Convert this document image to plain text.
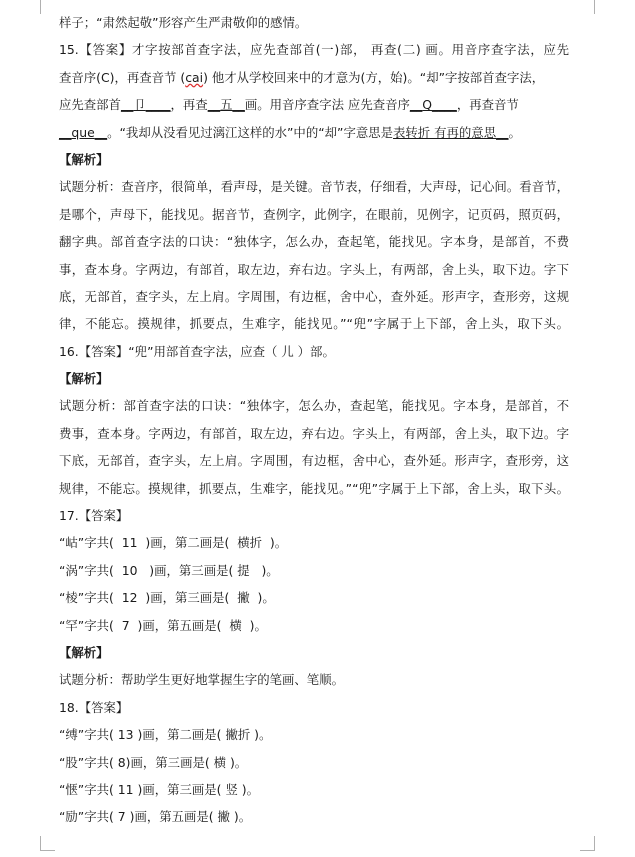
样子；“肃然起敬”形容产生严肃敬仰的感情。
15.【答案】才字按部首查字法，应先查部首(一)部， 再查(二) 画。用音序查字法，应先
查音序(C)，再查音节 (cai) 他才从学校回来中的才意为(方，始)。“却”字按部首查字法，
应先查部首__卩____，再查__五__画。用音序查字法 应先查音序__Q____，再查音节
__que__。“我却从没看见过漓江这样的水”中的“却”字意思是表转折 有再的意思__。
【解析】
试题分析：查音序，很简单，看声母，是关键。音节表，仔细看，大声母，记心间。看音节，
是哪个，声母下，能找见。据音节，查例字，此例字，在眼前，见例字，记页码，照页码，
翻字典。部首查字法的口诀：“独体字，怎么办，查起笔，能找见。字本身，是部首，不费
事，查本身。字两边，有部首，取左边，弃右边。字头上，有两部，舍上头，取下边。字下
底，无部首，查字头，左上肩。字周围，有边框，舍中心，查外延。形声字，查形旁，这规
律，不能忘。摸规律，抓要点，生难字，能找见。”“兜”字属于上下部，舍上头，取下头。
16.【答案】“兜”用部首查字法，应查（ 儿 ）部。
【解析】
试题分析：部首查字法的口诀：“独体字，怎么办，查起笔，能找见。字本身，是部首，不
费事，查本身。字两边，有部首，取左边，弃右边。字头上，有两部，舍上头，取下边。字
下底，无部首，查字头，左上肩。字周围，有边框，舍中心，查外延。形声字，查形旁，这
规律，不能忘。摸规律，抓要点，生难字，能找见。”“兜”字属于上下部，舍上头，取下头。
17.【答案】
“岵”字共(  11  )画，第二画是(  横折  )。
“涡”字共(  10   )画，第三画是( 提   )。
“棱”字共(  12  )画，第三画是(  撇  )。
“罕”字共(  7  )画，第五画是(  横  )。
【解析】
试题分析：帮助学生更好地掌握生字的笔画、笔顺。
18.【答案】
“缚”字共( 13 )画，第二画是( 撇折 )。
“股”字共( 8)画，第三画是( 横 )。
“惬”字共( 11 )画，第三画是( 竖 )。
“励”字共( 7 )画，第五画是( 撇 )。
